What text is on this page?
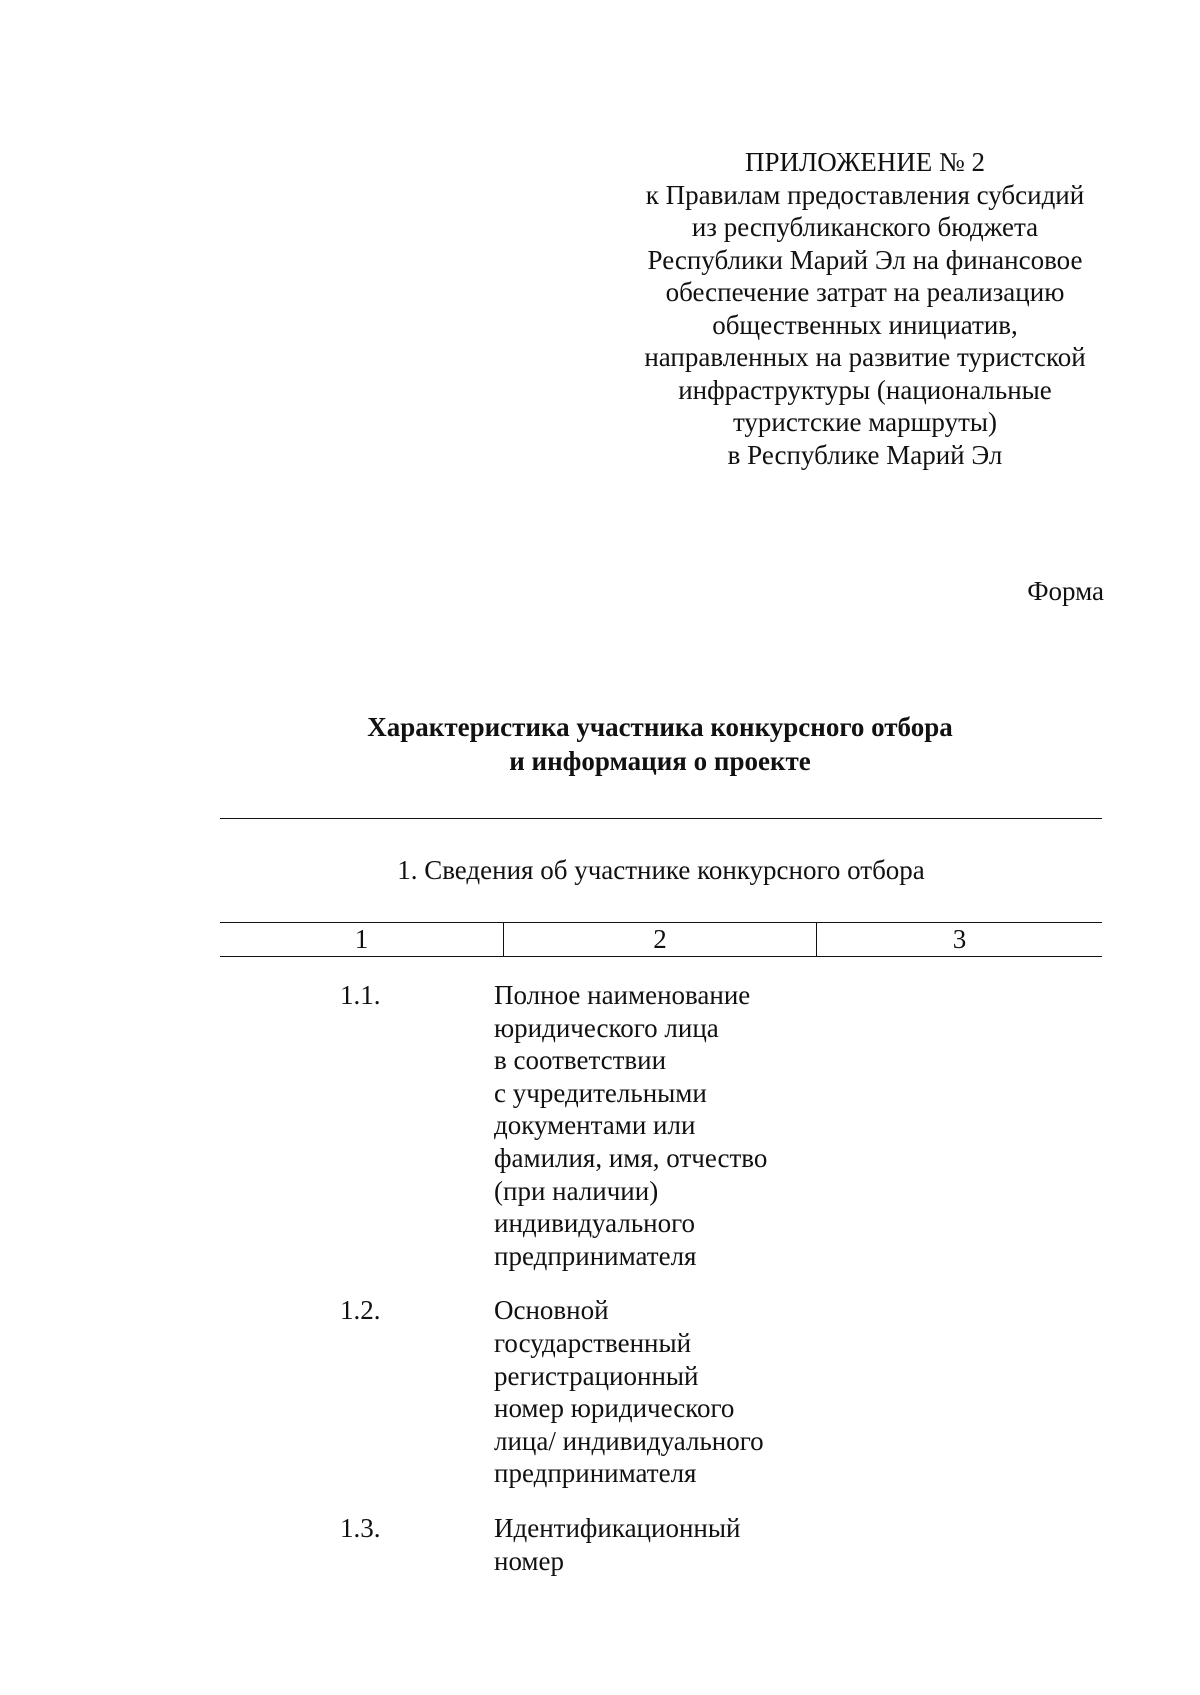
ПРИЛОЖЕНИЕ № 2
к Правилам предоставления субсидий
из республиканского бюджета
Республики Марий Эл на финансовое
обеспечение затрат на реализацию
общественных инициатив,
направленных на развитие туристской
инфраструктуры (национальные
туристские маршруты)
в Республике Марий Эл
Форма
Характеристика участника конкурсного отбора
и информация о проекте
1. Сведения об участнике конкурсного отбора
1	2	3
1.1.	Полное наименование
юридического лица
в соответствии
с учредительными
документами или
фамилия, имя, отчество
(при наличии)
индивидуального
предпринимателя
1.2.	Основной
государственный
регистрационный
номер юридического
лица/ индивидуального
предпринимателя
1.3.	Идентификационный
номер
